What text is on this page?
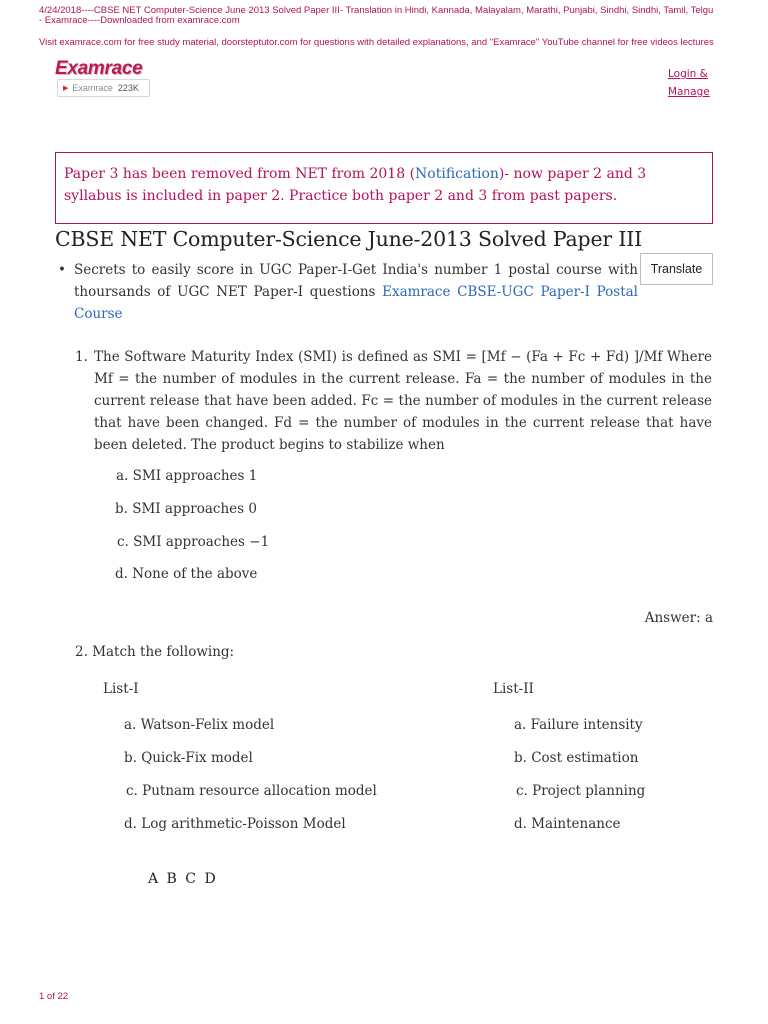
4/24/2018----CBSE NET Computer-Science June 2013 Solved Paper III- Translation in Hindi, Kannada, Malayalam, Marathi, Punjabi, Sindhi, Sindhi, Tamil, Telgu - Examrace----Downloaded from examrace.com
Visit examrace.com for free study material, doorsteptutor.com for questions with detailed explanations, and "Examrace" YouTube channel for free videos lectures
Examrace
▶ Examrace 223K
Login &
Manage
Paper 3 has been removed from NET from 2018 (Notification)- now paper 2 and 3 syllabus is included in paper 2. Practice both paper 2 and 3 from past papers.
CBSE NET Computer-Science June-2013 Solved Paper III
Translate
• Secrets to easily score in UGC Paper-I-Get India's number 1 postal course with thoursands of UGC NET Paper-I questions Examrace CBSE-UGC Paper-I Postal Course
1. The Software Maturity Index (SMI) is defined as SMI = [Mf − (Fa + Fc + Fd) ]/Mf Where Mf = the number of modules in the current release. Fa = the number of modules in the current release that have been added. Fc = the number of modules in the current release that have been changed. Fd = the number of modules in the current release that have been deleted. The product begins to stabilize when
a. SMI approaches 1
b. SMI approaches 0
c. SMI approaches −1
d. None of the above
Answer: a
2. Match the following:
List-I	List-II
a. Watson-Felix model
b. Quick-Fix model
c. Putnam resource allocation model
d. Log arithmetic-Poisson Model
a. Failure intensity
b. Cost estimation
c. Project planning
d. Maintenance
A B C D
1 of 22
